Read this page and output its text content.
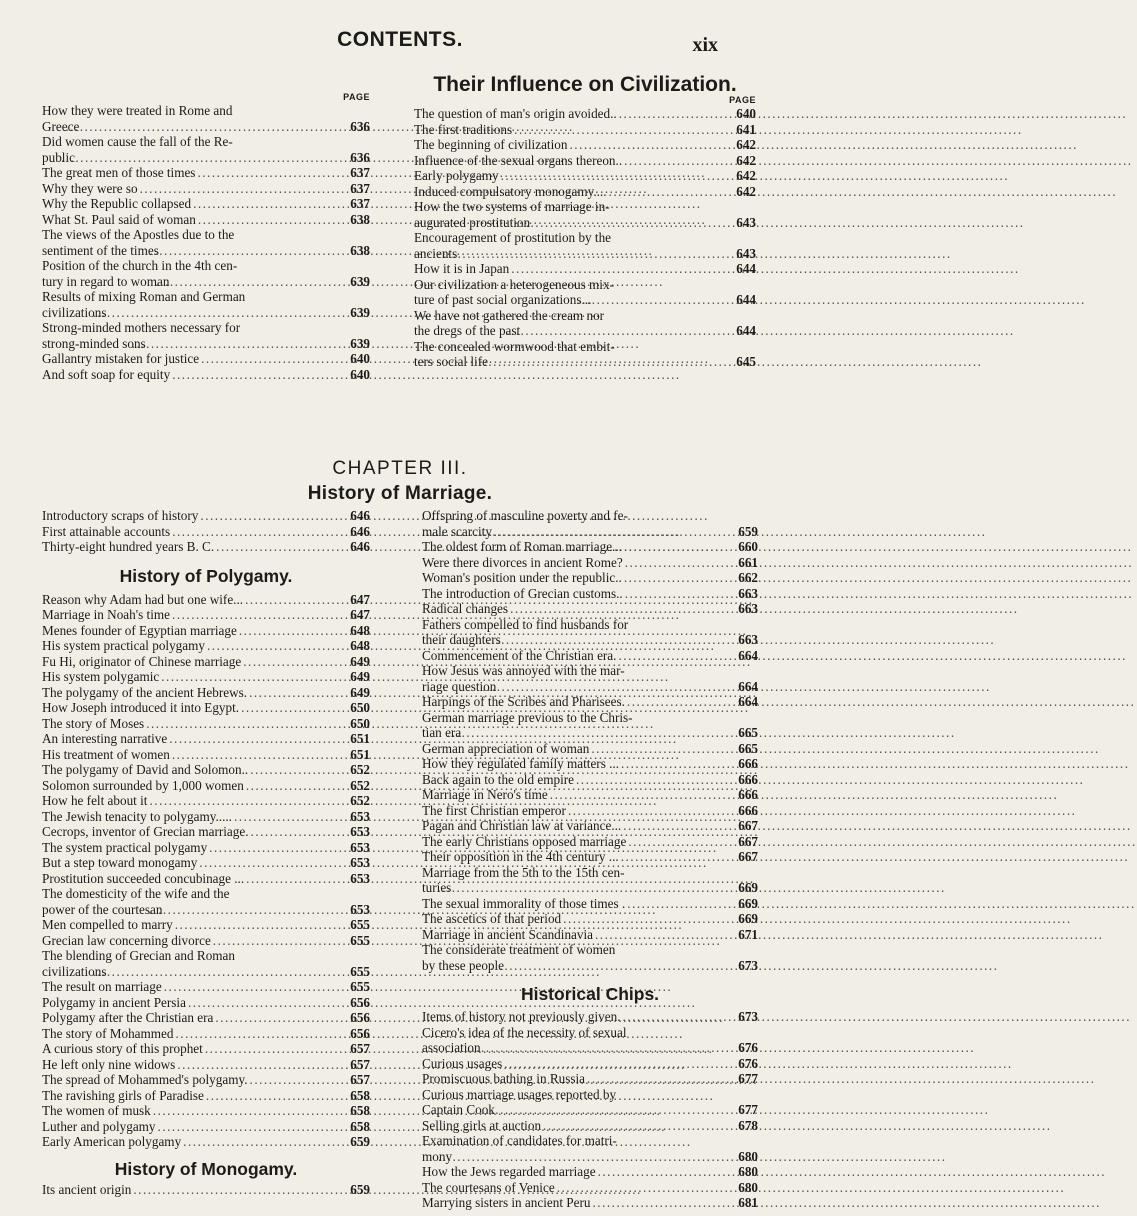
CONTENTS.	xix
PAGE
How they were treated in Rome and
Greece .....	636
Did women cause the fall of the Re-
public .....	636
The great men of those times .....	637
Why they were so .....	637
Why the Republic collapsed .....	637
What St. Paul said of woman .....	638
The views of the Apostles due to the
sentiment of the times .....	638
Position of the church in the 4th cen-
tury in regard to woman .....	639
Results of mixing Roman and German
civilizations .....	639
Strong-minded mothers necessary for
strong-minded sons .....	639
Gallantry mistaken for justice .....	640
And soft soap for equity .....	640
Their Influence on Civilization.
PAGE
The question of man's origin avoided.. .....	640
The first traditions .....	641
The beginning of civilization .....	642
Influence of the sexual organs thereon.. .....	642
Early polygamy .....	642
Induced compulsatory monogamy.... .....	642
How the two systems of marriage in-
augurated prostitution .....	643
Encouragement of prostitution by the
ancients .....	643
How it is in Japan .....	644
Our civilization a heterogeneous mix-
ture of past social organizations... .....	644
We have not gathered the cream nor
the dregs of the past .....	644
The concealed wormwood that embit-
ters social life .....	645
CHAPTER III.
History of Marriage.
Introductory scraps of history .....	646
First attainable accounts .....	646
Thirty-eight hundred years B. C. .....	646
History of Polygamy.
Reason why Adam had but one wife... .....	647
Marriage in Noah's time .....	647
Menes founder of Egyptian marriage .....	648
His system practical polygamy .....	648
Fu Hi, originator of Chinese marriage .....	649
His system polygamic .....	649
The polygamy of the ancient Hebrews. .....	649
How Joseph introduced it into Egypt. .....	650
The story of Moses .....	650
An interesting narrative .....	651
His treatment of women .....	651
The polygamy of David and Solomon.. .....	652
Solomon surrounded by 1,000 women .....	652
How he felt about it .....	652
The Jewish tenacity to polygamy..... .....	653
Cecrops, inventor of Grecian marriage. .....	653
The system practical polygamy .....	653
But a step toward monogamy .....	653
Prostitution succeeded concubinage ... .....	653
The domesticity of the wife and the
power of the courtesan .....	653
Men compelled to marry .....	655
Grecian law concerning divorce .....	655
The blending of Grecian and Roman
civilizations .....	655
The result on marriage .....	655
Polygamy in ancient Persia .....	656
Polygamy after the Christian era .....	656
The story of Mohammed .....	656
A curious story of this prophet .....	657
He left only nine widows .....	657
The spread of Mohammed's polygamy. .....	657
The ravishing girls of Paradise .....	658
The women of musk .....	658
Luther and polygamy .....	658
Early American polygamy .....	659
History of Monogamy.
Its ancient origin .....	659
Offspring of masculine poverty and fe-
male scarcity .....	659
The oldest form of Roman marriage... .....	660
Were there divorces in ancient Rome? .....	661
Woman's position under the republic.. .....	662
The introduction of Grecian customs.. .....	663
Radical changes .....	663
Fathers compelled to find husbands for
their daughters .....	663
Commencement of the Christian era. .....	664
How Jesus was annoyed with the mar-
riage question .....	664
Harpings of the Scribes and Pharisees. .....	664
German marriage previous to the Chris-
tian era .....	665
German appreciation of woman .....	665
How they regulated family matters ... .....	666
Back again to the old empire .....	666
Marriage in Nero's time .....	666
The first Christian emperor .....	666
Pagan and Christian law at variance... .....	667
The early Christians opposed marriage .....	667
Their opposition in the 4th century ... .....	667
Marriage from the 5th to the 15th cen-
turies .....	669
The sexual immorality of those times . .....	669
The ascetics of that period .....	669
Marriage in ancient Scandinavia .....	671
The considerate treatment of women
by these people .....	673
Historical Chips.
Items of history not previously given. .....	673
Cicero's idea of the necessity of sexual
association .....	676
Curious usages .....	676
Promiscuous bathing in Russia .....	677
Curious marriage usages reported by
Captain Cook .....	677
Selling girls at auction .....	678
Examination of candidates for matri-
mony .....	680
How the Jews regarded marriage .....	680
The courtesans of Venice .....	680
Marrying sisters in ancient Peru .....	681
